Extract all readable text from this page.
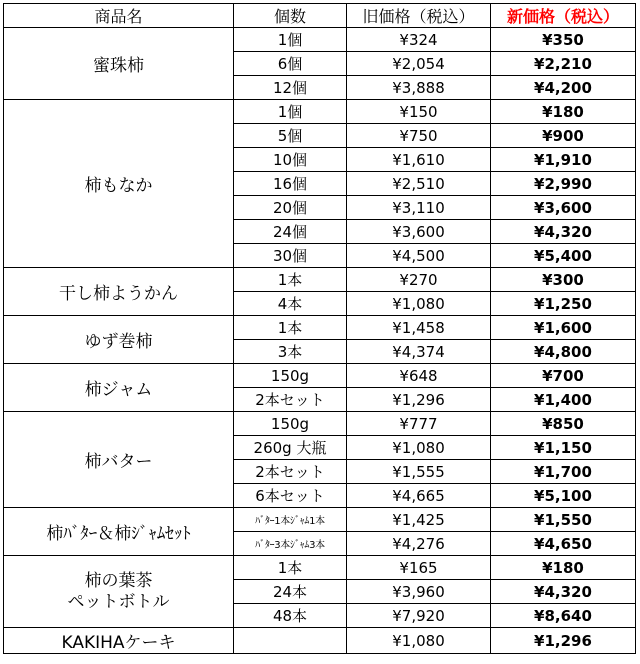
商品名	個数	旧価格（税込）	新価格（税込）
蜜珠柿	1個	¥324	¥350
	6個	¥2,054	¥2,210
	12個	¥3,888	¥4,200
柿もなか	1個	¥150	¥180
	5個	¥750	¥900
	10個	¥1,610	¥1,910
	16個	¥2,510	¥2,990
	20個	¥3,110	¥3,600
	24個	¥3,600	¥4,320
	30個	¥4,500	¥5,400
干し柿ようかん	1本	¥270	¥300
	4本	¥1,080	¥1,250
ゆず巻柿	1本	¥1,458	¥1,600
	3本	¥4,374	¥4,800
柿ジャム	150g	¥648	¥700
	2本セット	¥1,296	¥1,400
柿バター	150g	¥777	¥850
	260g 大瓶	¥1,080	¥1,150
	2本セット	¥1,555	¥1,700
	6本セット	¥4,665	¥5,100
柿ﾊﾞﾀｰ＆柿ｼﾞｬﾑｾｯﾄ	ﾊﾞﾀｰ1本ｼﾞｬﾑ1本	¥1,425	¥1,550
	ﾊﾞﾀｰ3本ｼﾞｬﾑ3本	¥4,276	¥4,650
柿の葉茶
ペットボトル	1本	¥165	¥180
	24本	¥3,960	¥4,320
	48本	¥7,920	¥8,640
KAKIHAケーキ		¥1,080	¥1,296
